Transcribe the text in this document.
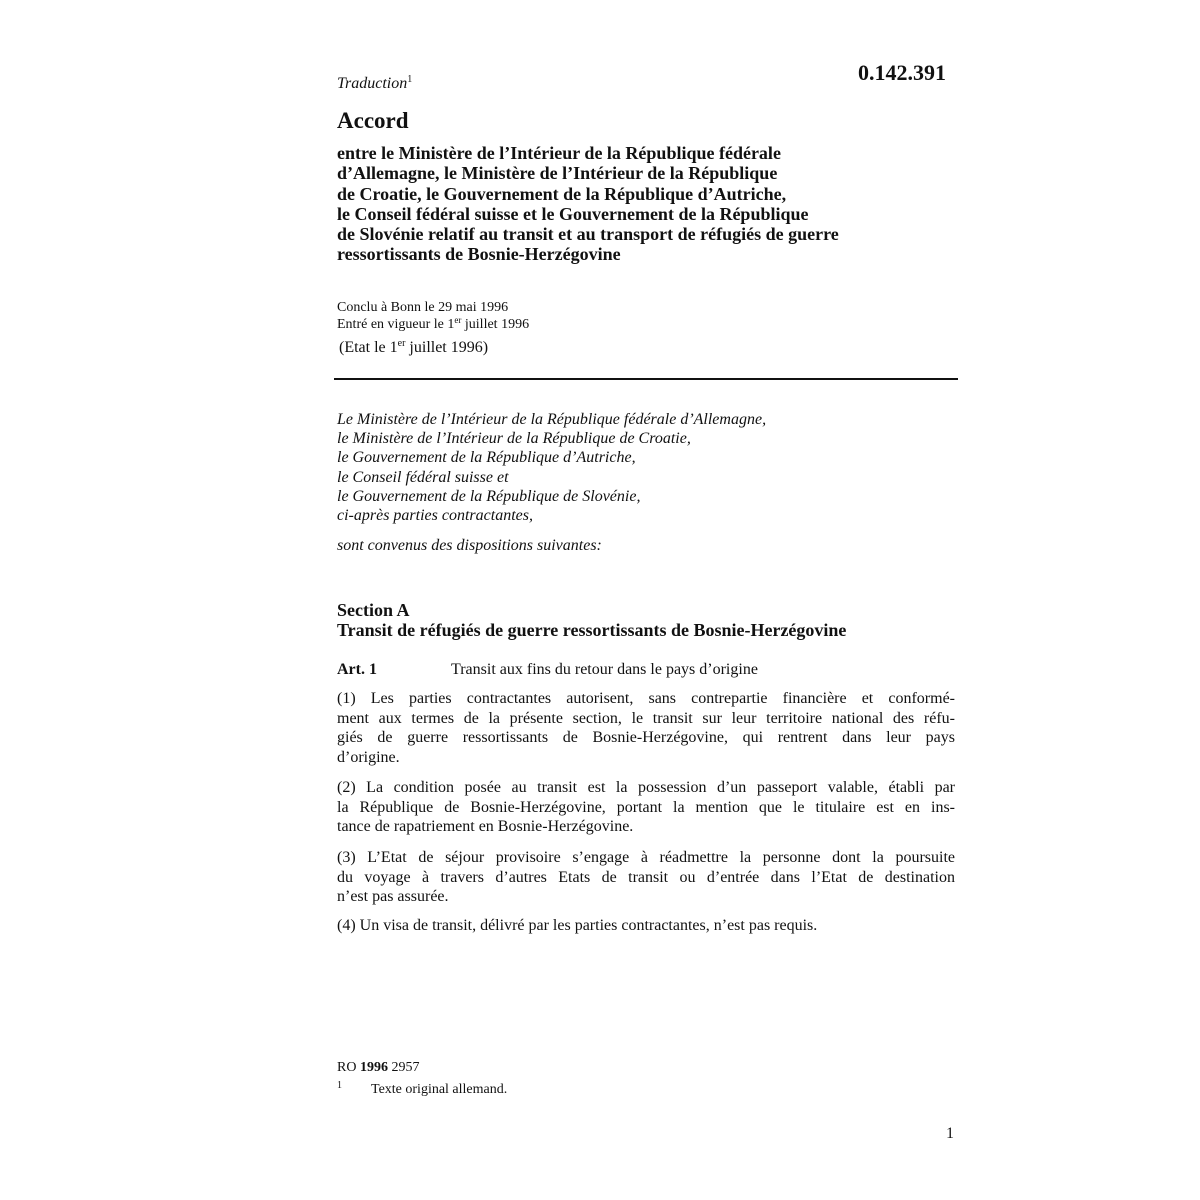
0.142.391
Traduction$^1$
Accord
entre le Ministère de l’Intérieur de la République fédérale
d’Allemagne, le Ministère de l’Intérieur de la République
de Croatie, le Gouvernement de la République d’Autriche,
le Conseil fédéral suisse et le Gouvernement de la République
de Slovénie relatif au transit et au transport de réfugiés de guerre
ressortissants de Bosnie-Herzégovine
Conclu à Bonn le 29 mai 1996
Entré en vigueur le 1er juillet 1996
(Etat le 1er juillet 1996)
Le Ministère de l’Intérieur de la République fédérale d’Allemagne,
le Ministère de l’Intérieur de la République de Croatie,
le Gouvernement de la République d’Autriche,
le Conseil fédéral suisse et
le Gouvernement de la République de Slovénie,
ci-après parties contractantes,
sont convenus des dispositions suivantes:
Section A
Transit de réfugiés de guerre ressortissants de Bosnie-Herzégovine
Art. 1	Transit aux fins du retour dans le pays d’origine
(1) Les parties contractantes autorisent, sans contrepartie financière et conformé-
ment aux termes de la présente section, le transit sur leur territoire national des réfu-
giés de guerre ressortissants de Bosnie-Herzégovine, qui rentrent dans leur pays
d’origine.
(2) La condition posée au transit est la possession d’un passeport valable, établi par
la République de Bosnie-Herzégovine, portant la mention que le titulaire est en ins-
tance de rapatriement en Bosnie-Herzégovine.
(3) L’Etat de séjour provisoire s’engage à réadmettre la personne dont la poursuite
du voyage à travers d’autres Etats de transit ou d’entrée dans l’Etat de destination
n’est pas assurée.
(4) Un visa de transit, délivré par les parties contractantes, n’est pas requis.
RO 1996 2957
1 Texte original allemand.
1
